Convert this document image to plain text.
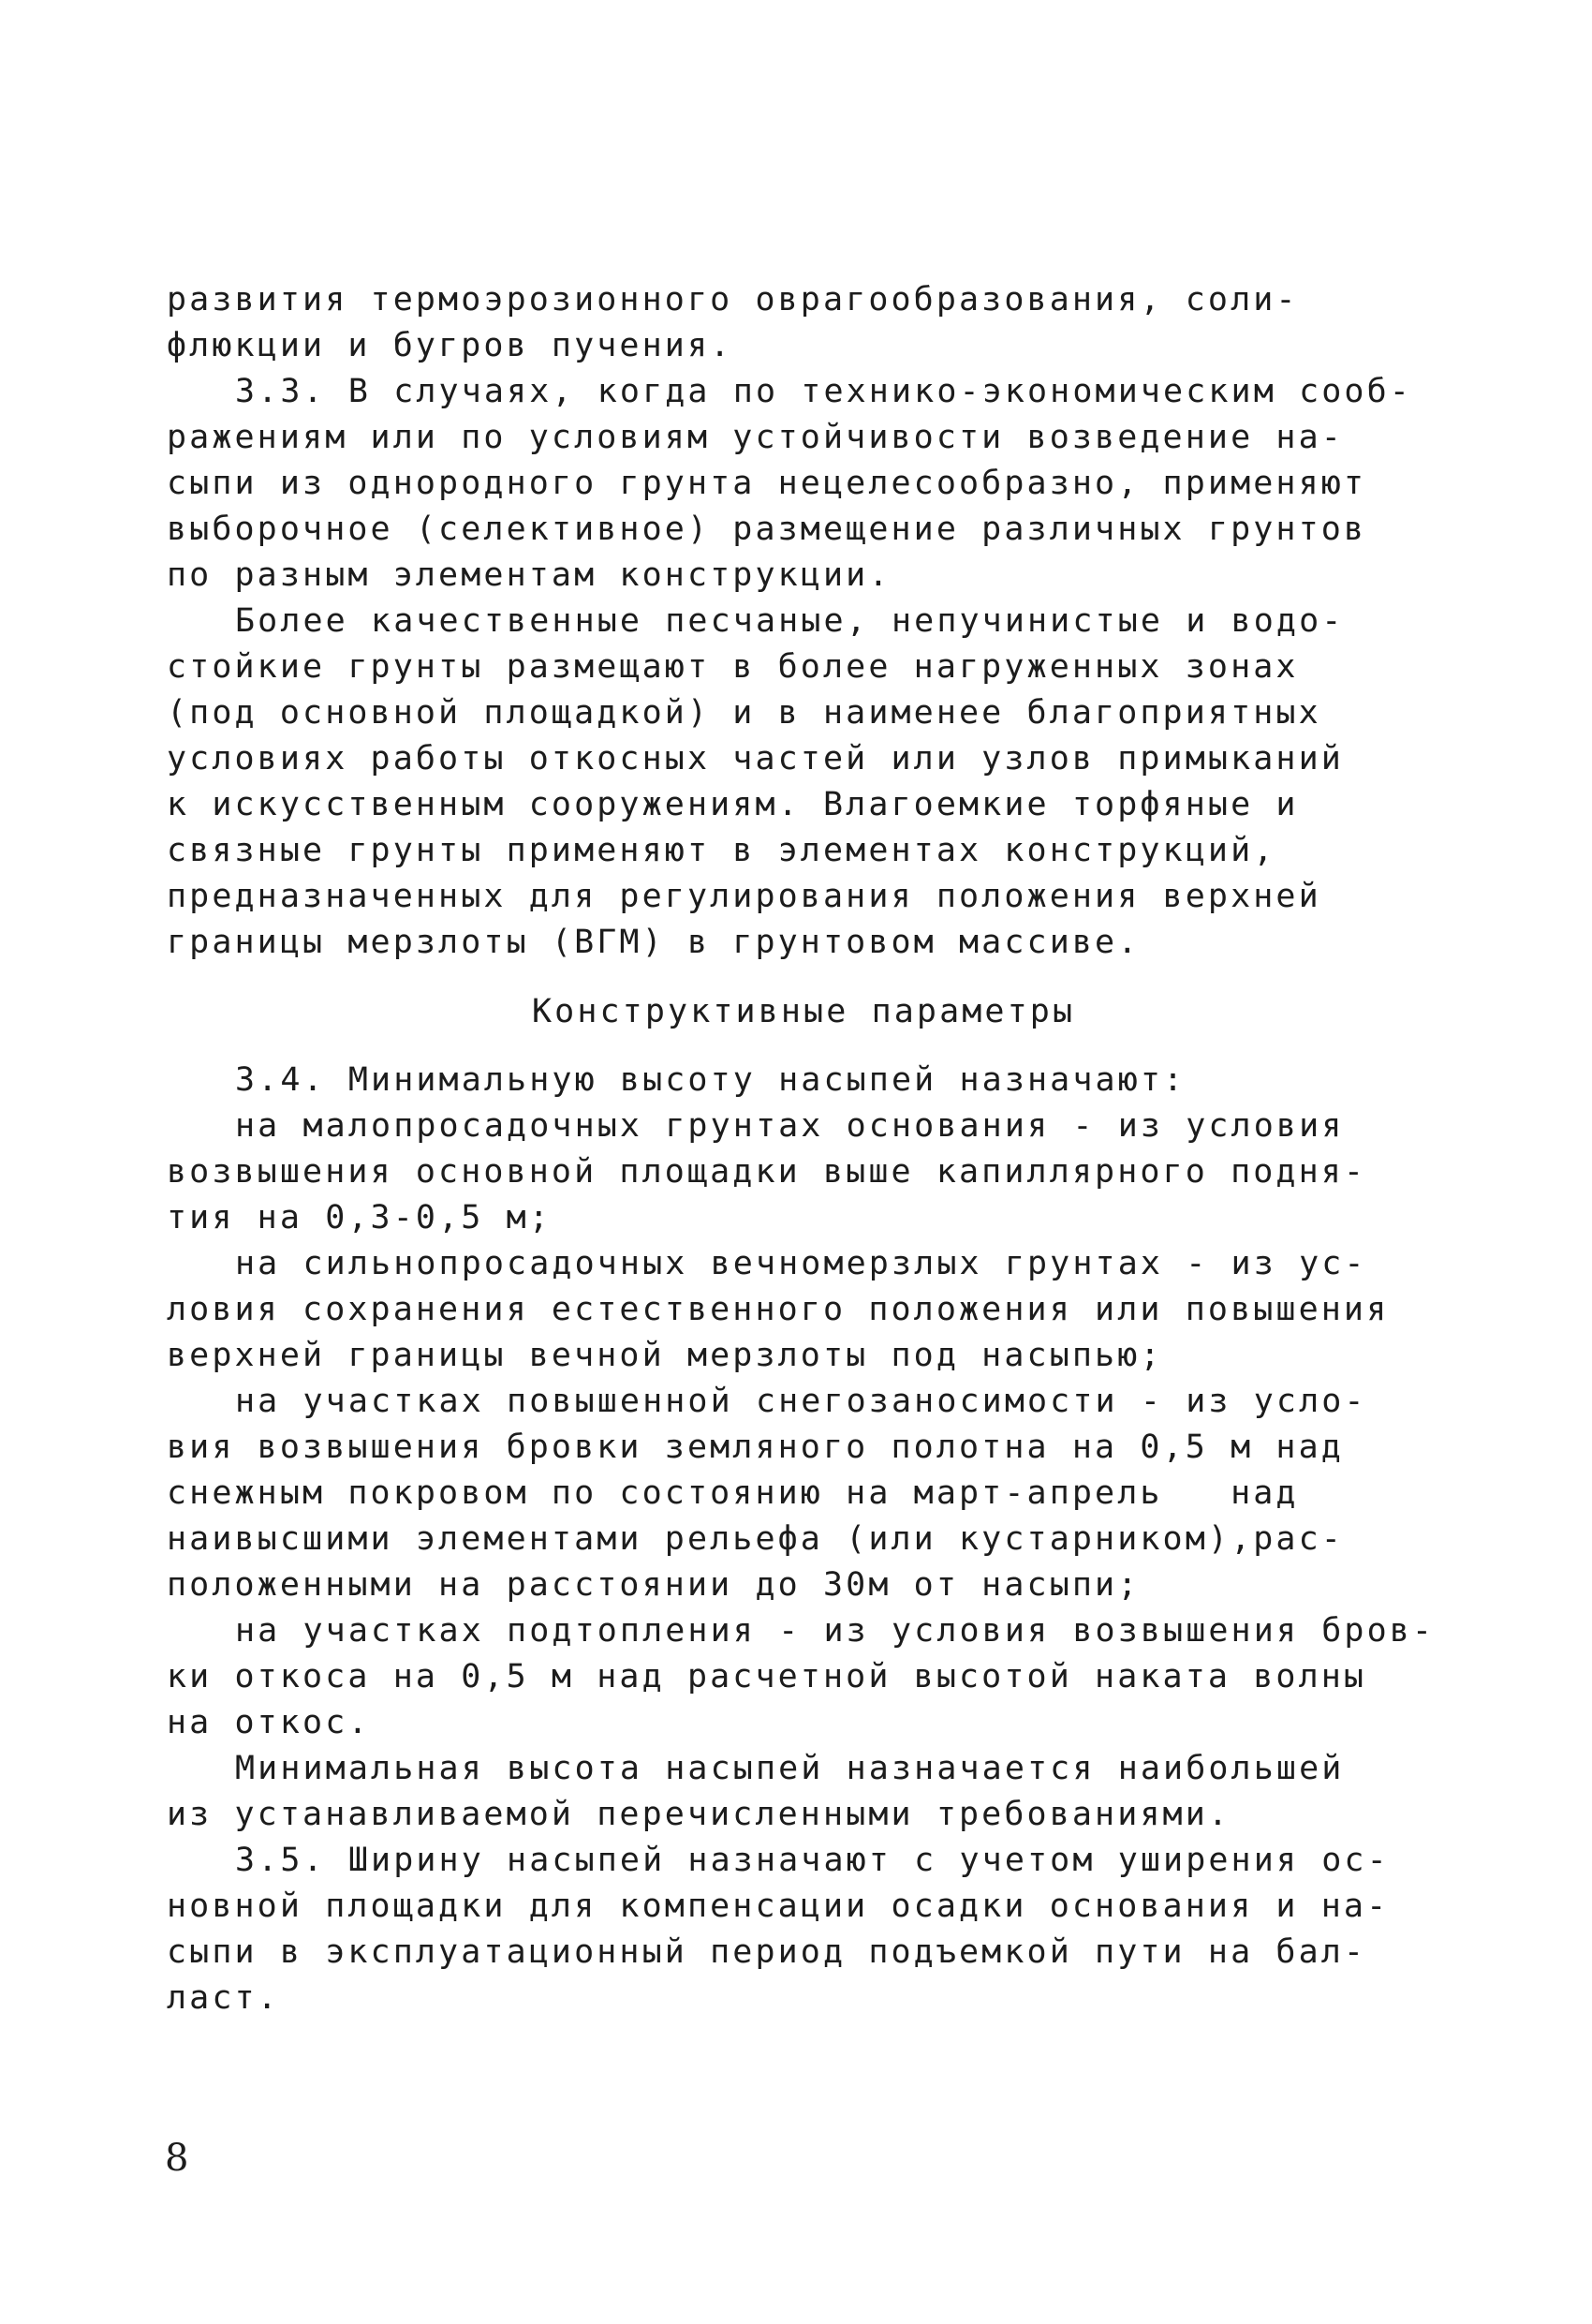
развития термоэрозионного оврагообразования, соли-
флюкции и бугров пучения.
3.3. В случаях, когда по технико-экономическим сооб-
ражениям или по условиям устойчивости возведение на-
сыпи из однородного грунта нецелесообразно, применяют
выборочное (селективное) размещение различных грунтов
по разным элементам конструкции.
Более качественные песчаные, непучинистые и водо-
стойкие грунты размещают в более нагруженных зонах
(под основной площадкой) и в наименее благоприятных
условиях работы откосных частей или узлов примыканий
к искусственным сооружениям. Влагоемкие торфяные и
связные грунты применяют в элементах конструкций,
предназначенных для регулирования положения верхней
границы мерзлоты (ВГМ) в грунтовом массиве.
Конструктивные параметры
3.4. Минимальную высоту насыпей назначают:
на малопросадочных грунтах основания - из условия
возвышения основной площадки выше капиллярного подня-
тия на 0,3-0,5 м;
на сильнопросадочных вечномерзлых грунтах - из ус-
ловия сохранения естественного положения или повышения
верхней границы вечной мерзлоты под насыпью;
на участках повышенной снегозаносимости - из усло-
вия возвышения бровки земляного полотна на 0,5 м над
снежным покровом по состоянию на март-апрель   над
наивысшими элементами рельефа (или кустарником),рас-
положенными на расстоянии до 30м от насыпи;
на участках подтопления - из условия возвышения бров-
ки откоса на 0,5 м над расчетной высотой наката волны
на откос.
Минимальная высота насыпей назначается наибольшей
из устанавливаемой перечисленными требованиями.
3.5. Ширину насыпей назначают с учетом уширения ос-
новной площадки для компенсации осадки основания и на-
сыпи в эксплуатационный период подъемкой пути на бал-
ласт.
8
